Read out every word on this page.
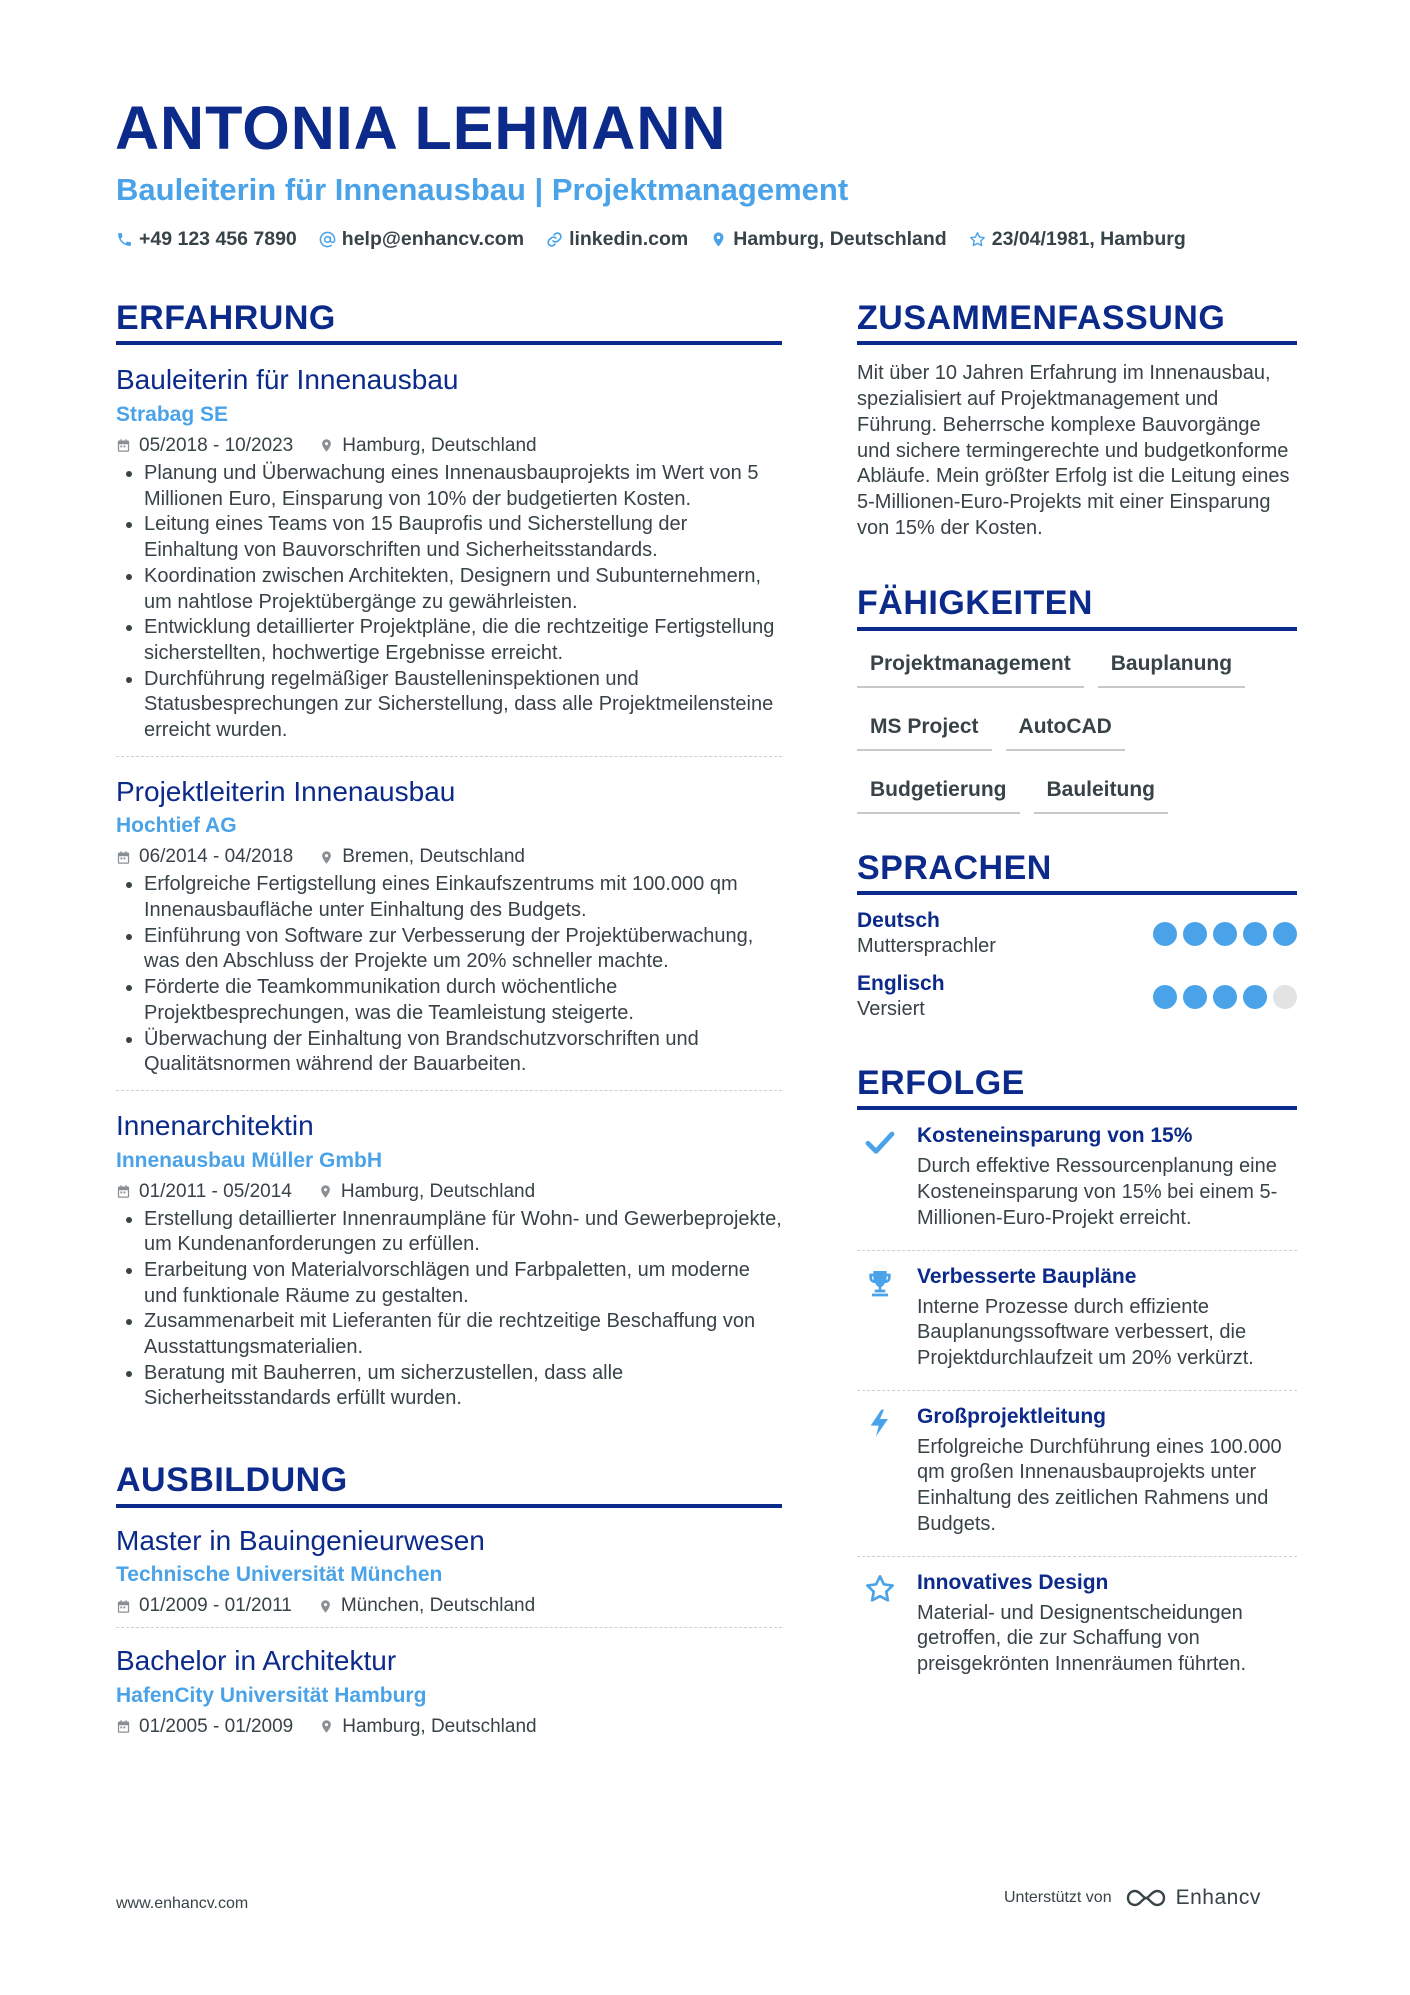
ANTONIA LEHMANN
Bauleiterin für Innenausbau | Projektmanagement
+49 123 456 7890 help@enhancv.com linkedin.com Hamburg, Deutschland 23/04/1981, Hamburg
ERFAHRUNG
Bauleiterin für Innenausbau
Strabag SE
05/2018 - 10/2023	Hamburg, Deutschland
• Planung und Überwachung eines Innenausbauprojekts im Wert von 5 Millionen Euro, Einsparung von 10% der budgetierten Kosten.
• Leitung eines Teams von 15 Bauprofis und Sicherstellung der Einhaltung von Bauvorschriften und Sicherheitsstandards.
• Koordination zwischen Architekten, Designern und Subunternehmern, um nahtlose Projektübergänge zu gewährleisten.
• Entwicklung detaillierter Projektpläne, die die rechtzeitige Fertigstellung sicherstellten, hochwertige Ergebnisse erreicht.
• Durchführung regelmäßiger Baustelleninspektionen und Statusbesprechungen zur Sicherstellung, dass alle Projektmeilensteine erreicht wurden.
Projektleiterin Innenausbau
Hochtief AG
06/2014 - 04/2018	Bremen, Deutschland
• Erfolgreiche Fertigstellung eines Einkaufszentrums mit 100.000 qm Innenausbaufläche unter Einhaltung des Budgets.
• Einführung von Software zur Verbesserung der Projektüberwachung, was den Abschluss der Projekte um 20% schneller machte.
• Förderte die Teamkommunikation durch wöchentliche Projektbesprechungen, was die Teamleistung steigerte.
• Überwachung der Einhaltung von Brandschutzvorschriften und Qualitätsnormen während der Bauarbeiten.
Innenarchitektin
Innenausbau Müller GmbH
01/2011 - 05/2014	Hamburg, Deutschland
• Erstellung detaillierter Innenraumpläne für Wohn- und Gewerbeprojekte, um Kundenanforderungen zu erfüllen.
• Erarbeitung von Materialvorschlägen und Farbpaletten, um moderne und funktionale Räume zu gestalten.
• Zusammenarbeit mit Lieferanten für die rechtzeitige Beschaffung von Ausstattungsmaterialien.
• Beratung mit Bauherren, um sicherzustellen, dass alle Sicherheitsstandards erfüllt wurden.
AUSBILDUNG
Master in Bauingenieurwesen
Technische Universität München
01/2009 - 01/2011	München, Deutschland
Bachelor in Architektur
HafenCity Universität Hamburg
01/2005 - 01/2009	Hamburg, Deutschland
ZUSAMMENFASSUNG
Mit über 10 Jahren Erfahrung im Innenausbau, spezialisiert auf Projektmanagement und Führung. Beherrsche komplexe Bauvorgänge und sichere termingerechte und budgetkonforme Abläufe. Mein größter Erfolg ist die Leitung eines 5-Millionen-Euro-Projekts mit einer Einsparung von 15% der Kosten.
FÄHIGKEITEN
Projektmanagement	Bauplanung
MS Project	AutoCAD
Budgetierung	Bauleitung
SPRACHEN
Deutsch
Muttersprachler
Englisch
Versiert
ERFOLGE
Kosteneinsparung von 15%
Durch effektive Ressourcenplanung eine Kosteneinsparung von 15% bei einem 5-Millionen-Euro-Projekt erreicht.
Verbesserte Baupläne
Interne Prozesse durch effiziente Bauplanungssoftware verbessert, die Projektdurchlaufzeit um 20% verkürzt.
Großprojektleitung
Erfolgreiche Durchführung eines 100.000 qm großen Innenausbauprojekts unter Einhaltung des zeitlichen Rahmens und Budgets.
Innovatives Design
Material- und Designentscheidungen getroffen, die zur Schaffung von preisgekrönten Innenräumen führten.
www.enhancv.com	Unterstützt von	Enhancv
